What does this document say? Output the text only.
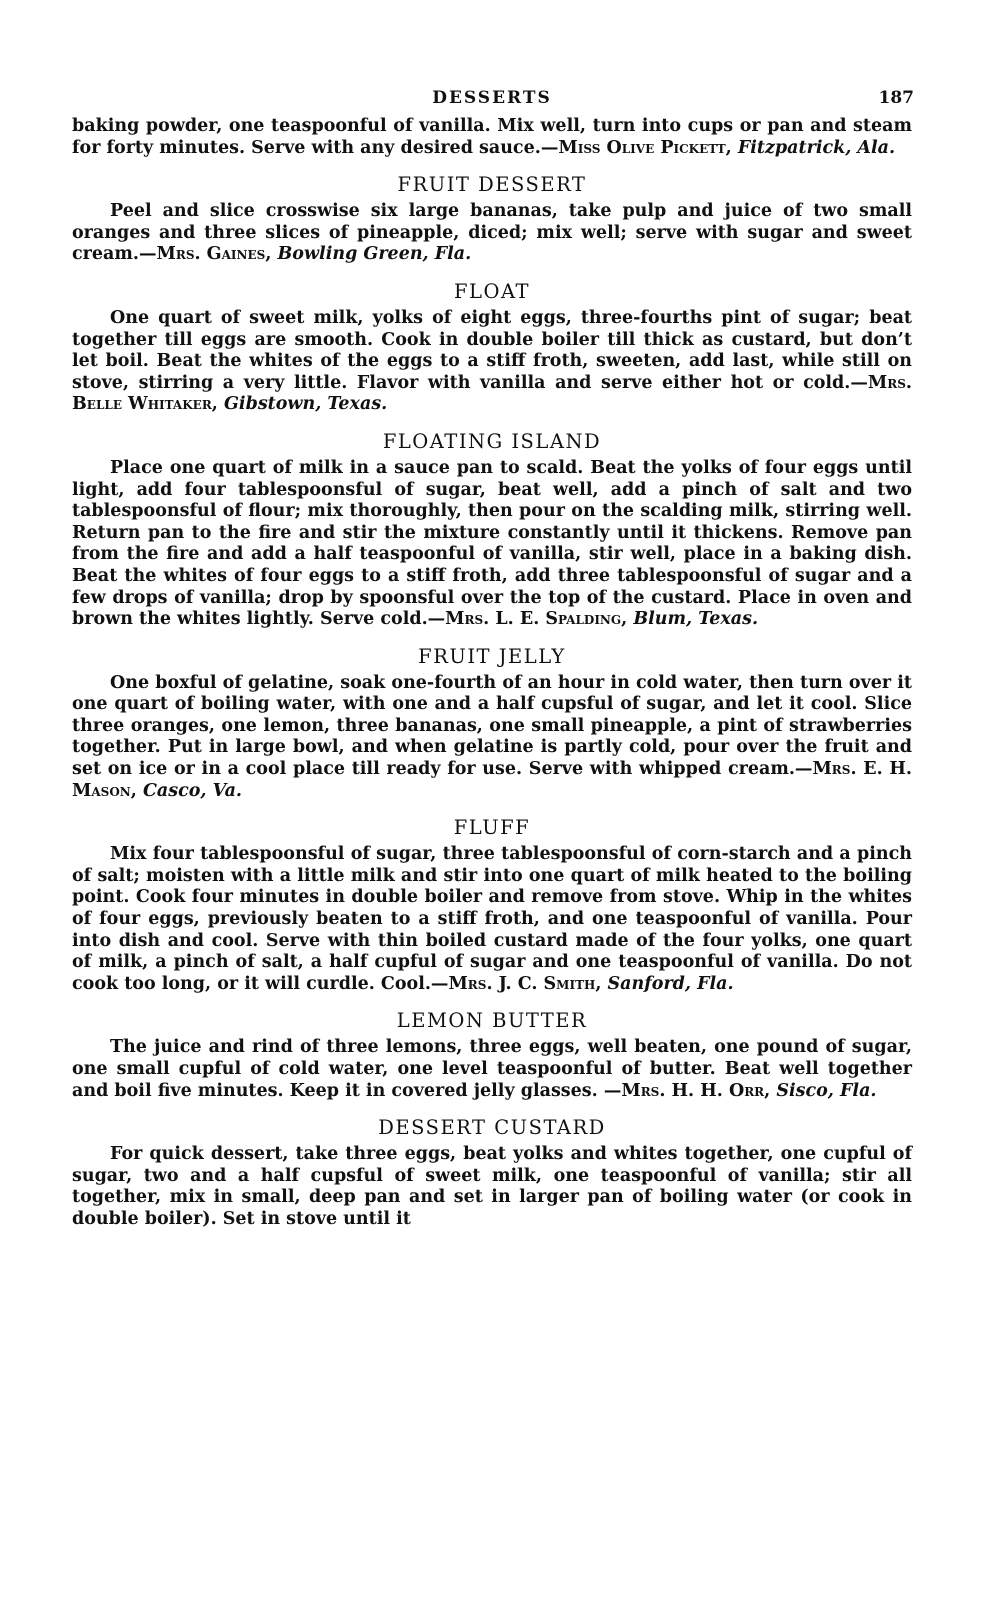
DESSERTS	187

baking powder, one teaspoonful of vanilla. Mix well, turn into cups or pan and steam for forty minutes. Serve with any desired sauce.—Miss Olive Pickett, Fitzpatrick, Ala.

FRUIT DESSERT

Peel and slice crosswise six large bananas, take pulp and juice of two small oranges and three slices of pineapple, diced; mix well; serve with sugar and sweet cream.—Mrs. Gaines, Bowling Green, Fla.

FLOAT

One quart of sweet milk, yolks of eight eggs, three-fourths pint of sugar; beat together till eggs are smooth. Cook in double boiler till thick as custard, but don’t let boil. Beat the whites of the eggs to a stiff froth, sweeten, add last, while still on stove, stirring a very little. Flavor with vanilla and serve either hot or cold.—Mrs. Belle Whitaker, Gibstown, Texas.

FLOATING ISLAND

Place one quart of milk in a sauce pan to scald. Beat the yolks of four eggs until light, add four tablespoonsful of sugar, beat well, add a pinch of salt and two tablespoonsful of flour; mix thoroughly, then pour on the scalding milk, stirring well. Return pan to the fire and stir the mixture constantly until it thickens. Remove pan from the fire and add a half teaspoonful of vanilla, stir well, place in a baking dish. Beat the whites of four eggs to a stiff froth, add three tablespoonsful of sugar and a few drops of vanilla; drop by spoonsful over the top of the custard. Place in oven and brown the whites lightly. Serve cold.—Mrs. L. E. Spalding, Blum, Texas.

FRUIT JELLY

One boxful of gelatine, soak one-fourth of an hour in cold water, then turn over it one quart of boiling water, with one and a half cupsful of sugar, and let it cool. Slice three oranges, one lemon, three bananas, one small pineapple, a pint of strawberries together. Put in large bowl, and when gelatine is partly cold, pour over the fruit and set on ice or in a cool place till ready for use. Serve with whipped cream.—Mrs. E. H. Mason, Casco, Va.

FLUFF

Mix four tablespoonsful of sugar, three tablespoonsful of corn-starch and a pinch of salt; moisten with a little milk and stir into one quart of milk heated to the boiling point. Cook four minutes in double boiler and remove from stove. Whip in the whites of four eggs, previously beaten to a stiff froth, and one teaspoonful of vanilla. Pour into dish and cool. Serve with thin boiled custard made of the four yolks, one quart of milk, a pinch of salt, a half cupful of sugar and one teaspoonful of vanilla. Do not cook too long, or it will curdle. Cool.—Mrs. J. C. Smith, Sanford, Fla.

LEMON BUTTER

The juice and rind of three lemons, three eggs, well beaten, one pound of sugar, one small cupful of cold water, one level teaspoonful of butter. Beat well together and boil five minutes. Keep it in covered jelly glasses. —Mrs. H. H. Orr, Sisco, Fla.

DESSERT CUSTARD

For quick dessert, take three eggs, beat yolks and whites together, one cupful of sugar, two and a half cupsful of sweet milk, one teaspoonful of vanilla; stir all together, mix in small, deep pan and set in larger pan of boiling water (or cook in double boiler). Set in stove until it
